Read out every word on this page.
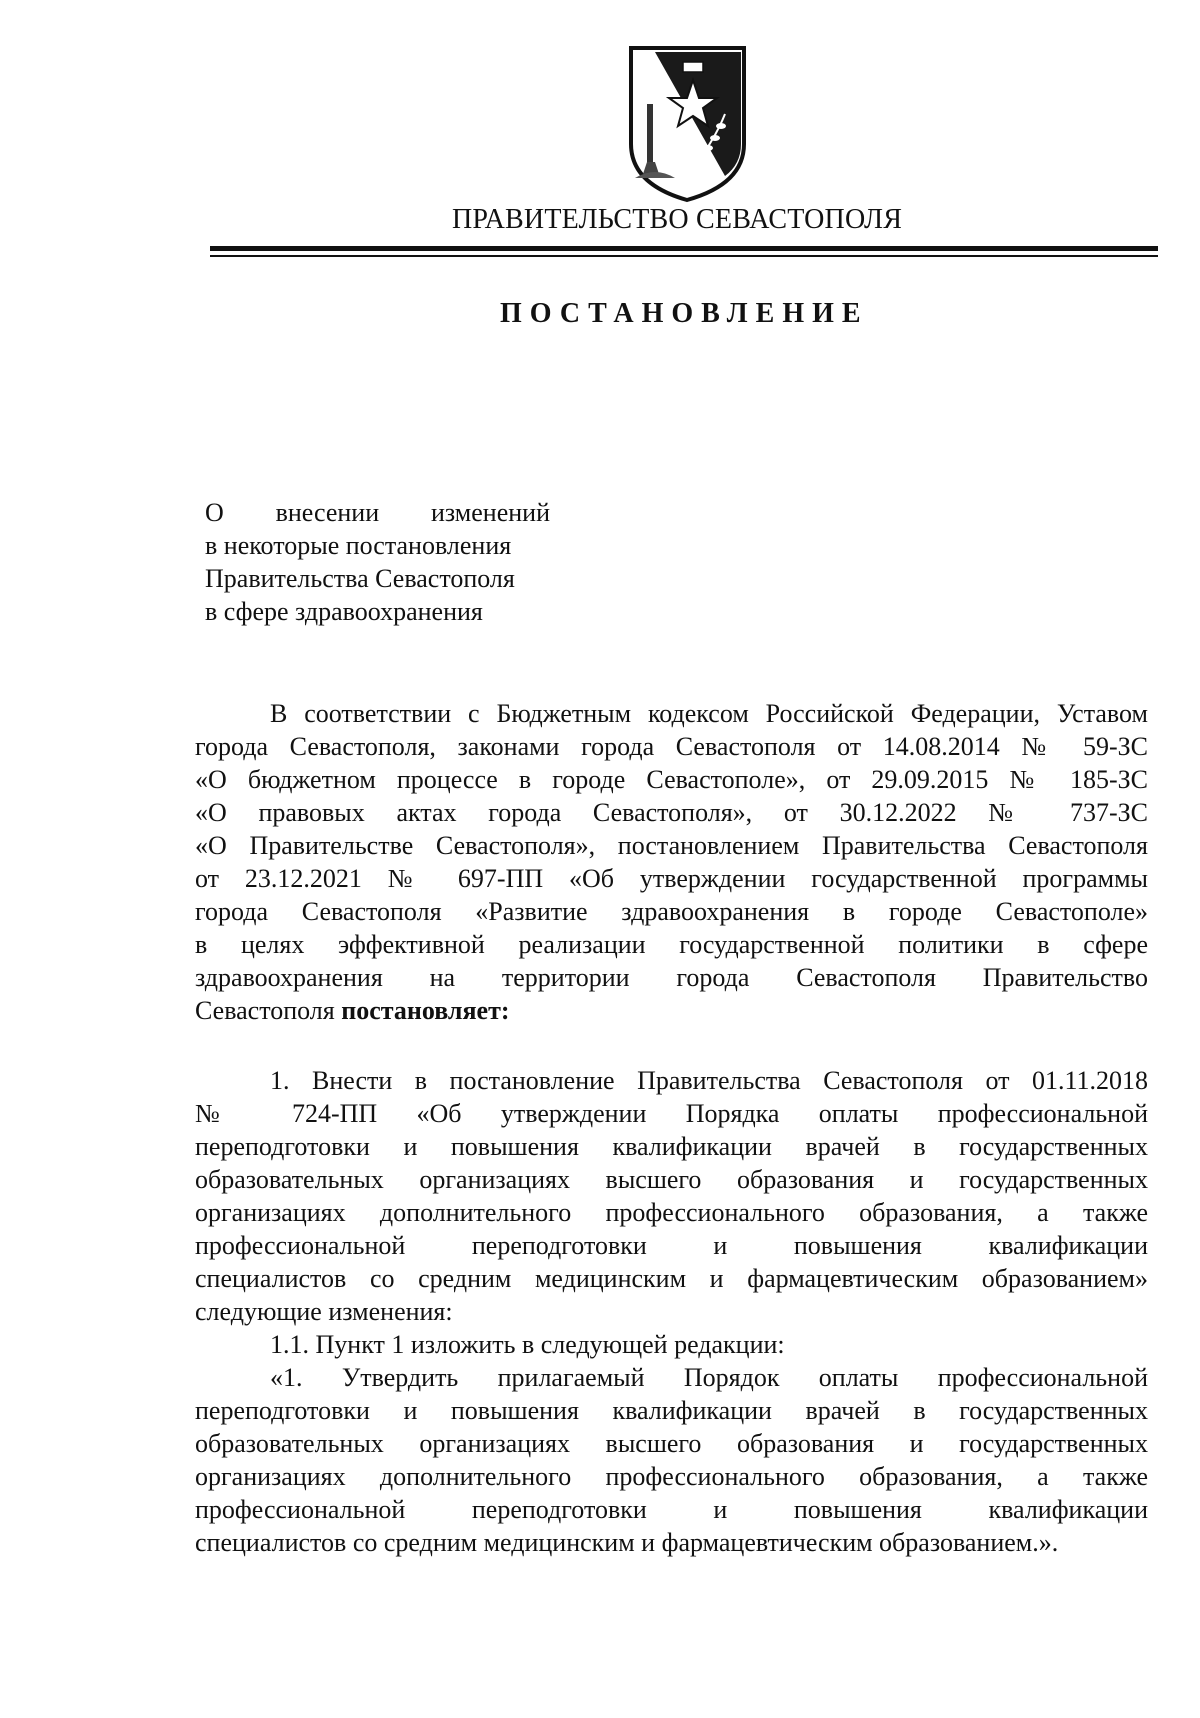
ПРАВИТЕЛЬСТВО СЕВАСТОПОЛЯ
ПОСТАНОВЛЕНИЕ
О внесении изменений
в некоторые постановления
Правительства Севастополя
в сфере здравоохранения
В соответствии с Бюджетным кодексом Российской Федерации, Уставом
города Севастополя, законами города Севастополя от 14.08.2014 № 59-ЗС
«О бюджетном процессе в городе Севастополе», от 29.09.2015 № 185-ЗС
«О правовых актах города Севастополя», от 30.12.2022 № 737-ЗС
«О Правительстве Севастополя», постановлением Правительства Севастополя
от 23.12.2021 № 697-ПП «Об утверждении государственной программы
города Севастополя «Развитие здравоохранения в городе Севастополе»
в целях эффективной реализации государственной политики в сфере
здравоохранения на территории города Севастополя Правительство
Севастополя постановляет:
1. Внести в постановление Правительства Севастополя от 01.11.2018
№ 724-ПП «Об утверждении Порядка оплаты профессиональной
переподготовки и повышения квалификации врачей в государственных
образовательных организациях высшего образования и государственных
организациях дополнительного профессионального образования, а также
профессиональной переподготовки и повышения квалификации
специалистов со средним медицинским и фармацевтическим образованием»
следующие изменения:
1.1. Пункт 1 изложить в следующей редакции:
«1. Утвердить прилагаемый Порядок оплаты профессиональной
переподготовки и повышения квалификации врачей в государственных
образовательных организациях высшего образования и государственных
организациях дополнительного профессионального образования, а также
профессиональной переподготовки и повышения квалификации
специалистов со средним медицинским и фармацевтическим образованием.».
